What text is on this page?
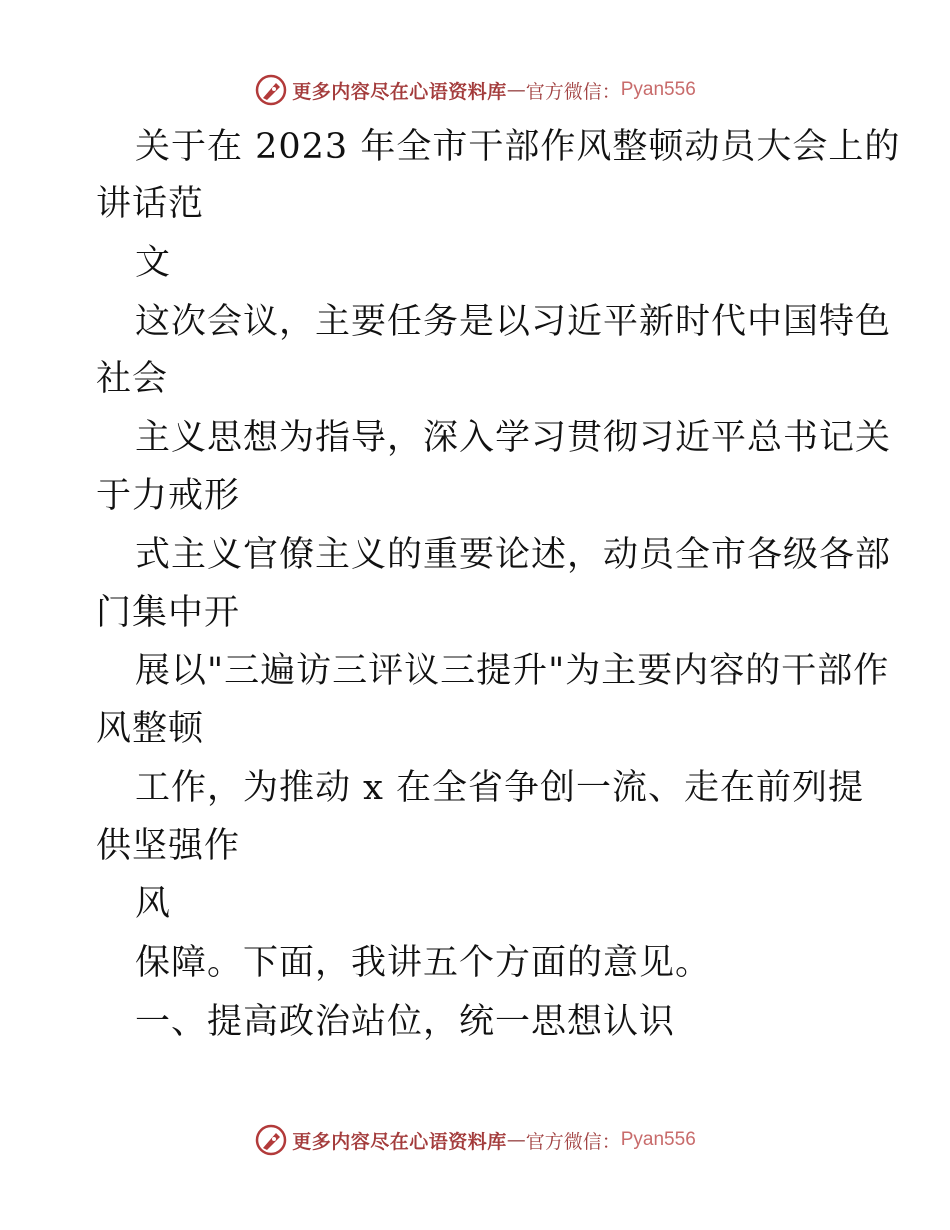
更多内容尽在心语资料库 — 官方微信： Pyan556
关于在 2023 年全市干部作风整顿动员大会上的
讲话范
文
这次会议，主要任务是以习近平新时代中国特色
社会
主义思想为指导，深入学习贯彻习近平总书记关
于力戒形
式主义官僚主义的重要论述，动员全市各级各部
门集中开
展以"三遍访三评议三提升"为主要内容的干部作
风整顿
工作，为推动 x 在全省争创一流、走在前列提
供坚强作
风
保障。下面，我讲五个方面的意见。
一、提高政治站位，统一思想认识
更多内容尽在心语资料库 — 官方微信： Pyan556
